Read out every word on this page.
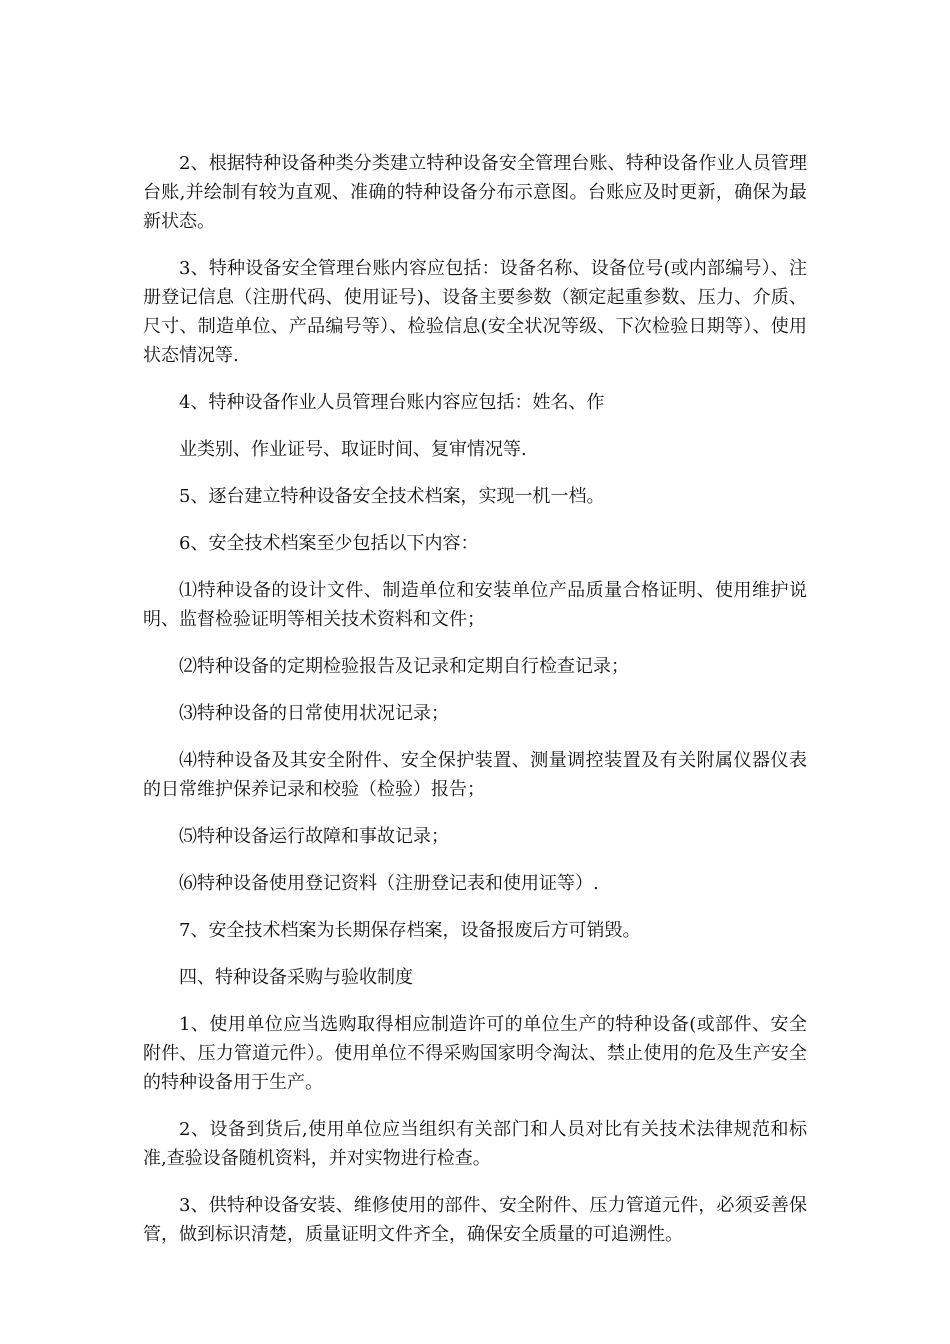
2、根据特种设备种类分类建立特种设备安全管理台账、特种设备作业人员管理台账,并绘制有较为直观、准确的特种设备分布示意图。台账应及时更新，确保为最新状态。

3、特种设备安全管理台账内容应包括：设备名称、设备位号(或内部编号）、注册登记信息（注册代码、使用证号)、设备主要参数（额定起重参数、压力、介质、尺寸、制造单位、产品编号等）、检验信息(安全状况等级、下次检验日期等）、使用状态情况等.

4、特种设备作业人员管理台账内容应包括：姓名、作

业类别、作业证号、取证时间、复审情况等.

5、逐台建立特种设备安全技术档案，实现一机一档。

6、安全技术档案至少包括以下内容：

⑴特种设备的设计文件、制造单位和安装单位产品质量合格证明、使用维护说明、监督检验证明等相关技术资料和文件；

⑵特种设备的定期检验报告及记录和定期自行检查记录；

⑶特种设备的日常使用状况记录；

⑷特种设备及其安全附件、安全保护装置、测量调控装置及有关附属仪器仪表的日常维护保养记录和校验（检验）报告；

⑸特种设备运行故障和事故记录；

⑹特种设备使用登记资料（注册登记表和使用证等）.

7、安全技术档案为长期保存档案，设备报废后方可销毁。

四、特种设备采购与验收制度

1、使用单位应当选购取得相应制造许可的单位生产的特种设备(或部件、安全附件、压力管道元件）。使用单位不得采购国家明令淘汰、禁止使用的危及生产安全的特种设备用于生产。

2、设备到货后,使用单位应当组织有关部门和人员对比有关技术法律规范和标准,查验设备随机资料，并对实物进行检查。

3、供特种设备安装、维修使用的部件、安全附件、压力管道元件，必须妥善保管，做到标识清楚，质量证明文件齐全，确保安全质量的可追溯性。
